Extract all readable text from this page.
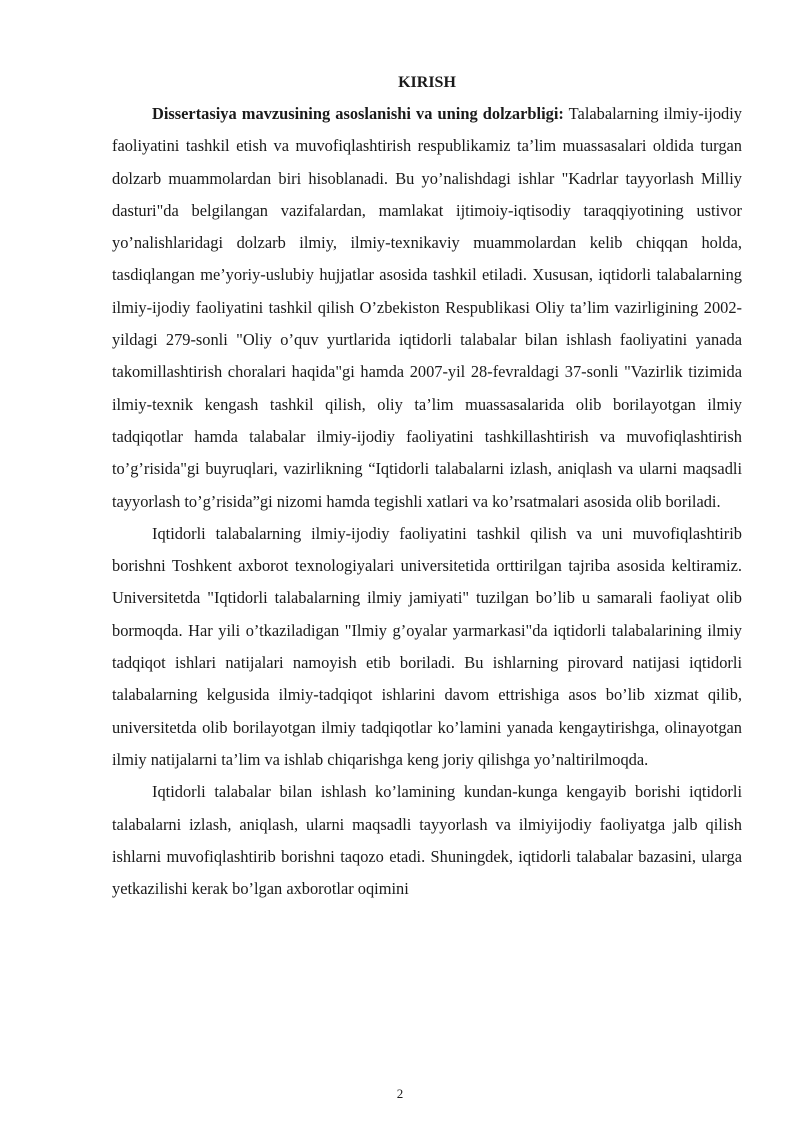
KIRISH

Dissertasiya mavzusining asoslanishi va uning dolzarbligi: Talabalarning ilmiy-ijodiy faoliyatini tashkil etish va muvofiqlashtirish respublikamiz ta’lim muassasalari oldida turgan dolzarb muammolardan biri hisoblanadi. Bu yo’nalishdagi ishlar "Kadrlar tayyorlash Milliy dasturi"da belgilangan vazifalardan, mamlakat ijtimoiy-iqtisodiy taraqqiyotining ustivor yo’nalishlaridagi dolzarb ilmiy, ilmiy-texnikaviy muammolardan kelib chiqqan holda, tasdiqlangan me’yoriy-uslubiy hujjatlar asosida tashkil etiladi. Xususan, iqtidorli talabalarning ilmiy-ijodiy faoliyatini tashkil qilish O’zbekiston Respublikasi Oliy ta’lim vazirligining 2002-yildagi 279-sonli "Oliy o’quv yurtlarida iqtidorli talabalar bilan ishlash faoliyatini yanada takomillashtirish choralari haqida"gi hamda 2007-yil 28-fevraldagi 37-sonli "Vazirlik tizimida ilmiy-texnik kengash tashkil qilish, oliy ta’lim muassasalarida olib borilayotgan ilmiy tadqiqotlar hamda talabalar ilmiy-ijodiy faoliyatini tashkillashtirish va muvofiqlashtirish to’g’risida"gi buyruqlari, vazirlikning “Iqtidorli talabalarni izlash, aniqlash va ularni maqsadli tayyorlash to’g’risida”gi nizomi hamda tegishli xatlari va ko’rsatmalari asosida olib boriladi.

Iqtidorli talabalarning ilmiy-ijodiy faoliyatini tashkil qilish va uni muvofiqlashtirib borishni Toshkent axborot texnologiyalari universitetida orttirilgan tajriba asosida keltiramiz. Universitetda "Iqtidorli talabalarning ilmiy jamiyati" tuzilgan bo’lib u samarali faoliyat olib bormoqda. Har yili o’tkaziladigan "Ilmiy g’oyalar yarmarkasi"da iqtidorli talabalarining ilmiy tadqiqot ishlari natijalari namoyish etib boriladi. Bu ishlarning pirovard natijasi iqtidorli talabalarning kelgusida ilmiy-tadqiqot ishlarini davom ettrishiga asos bo’lib xizmat qilib, universitetda olib borilayotgan ilmiy tadqiqotlar ko’lamini yanada kengaytirishga, olinayotgan ilmiy natijalarni ta’lim va ishlab chiqarishga keng joriy qilishga yo’naltirilmoqda.

Iqtidorli talabalar bilan ishlash ko’lamining kundan-kunga kengayib borishi iqtidorli talabalarni izlash, aniqlash, ularni maqsadli tayyorlash va ilmiyijodiy faoliyatga jalb qilish ishlarni muvofiqlashtirib borishni taqozo etadi. Shuningdek, iqtidorli talabalar bazasini, ularga yetkazilishi kerak bo’lgan axborotlar oqimini

2
